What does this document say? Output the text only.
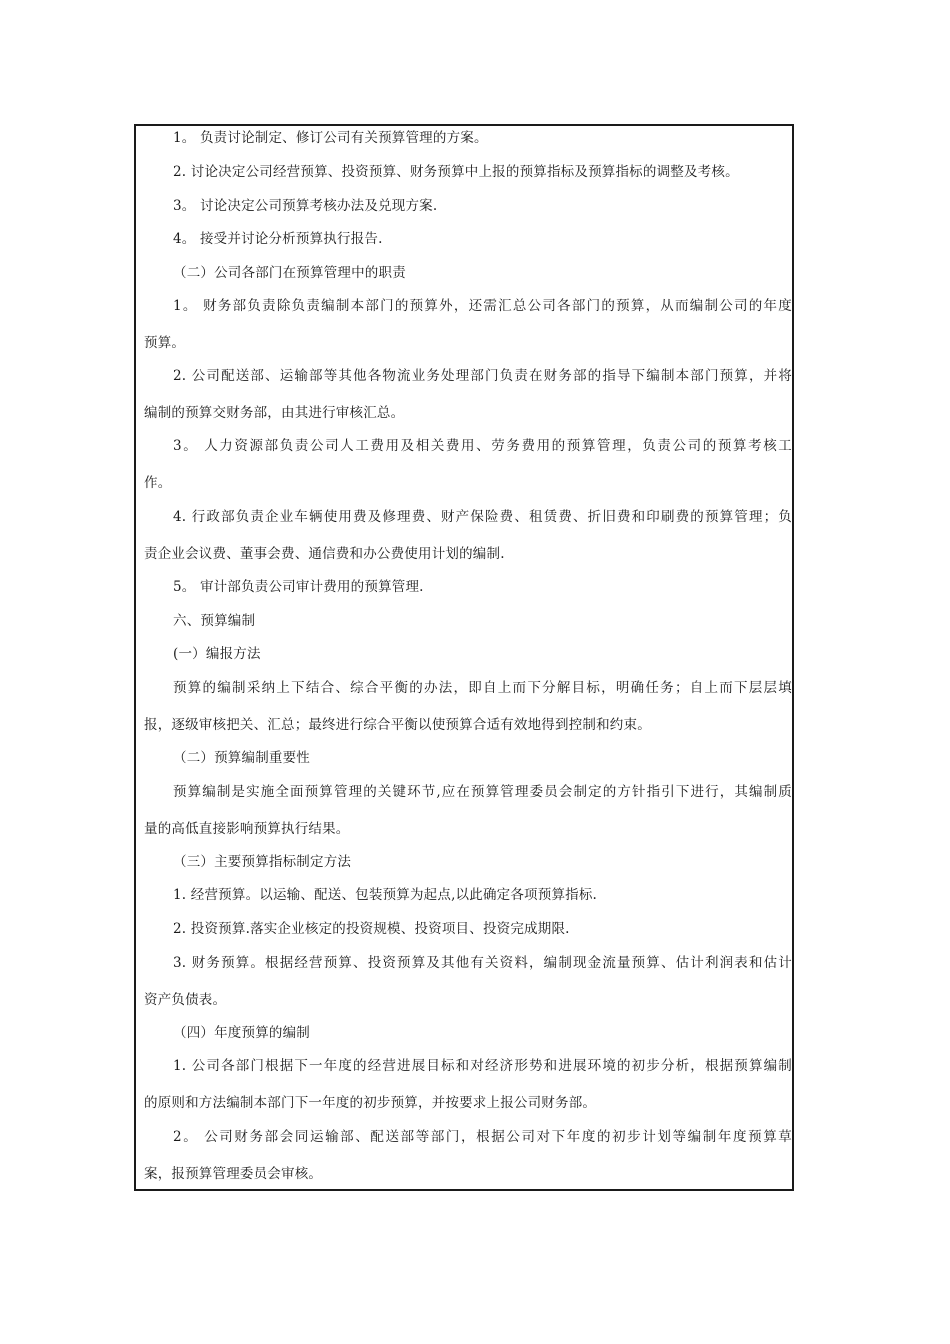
1。 负责讨论制定、修订公司有关预算管理的方案。
2. 讨论决定公司经营预算、投资预算、财务预算中上报的预算指标及预算指标的调整及考核。
3。 讨论决定公司预算考核办法及兑现方案.
4。 接受并讨论分析预算执行报告.
（二）公司各部门在预算管理中的职责
1。 财务部负责除负责编制本部门的预算外，还需汇总公司各部门的预算，从而编制公司的年度
预算。
2. 公司配送部、运输部等其他各物流业务处理部门负责在财务部的指导下编制本部门预算，并将
编制的预算交财务部，由其进行审核汇总。
3。 人力资源部负责公司人工费用及相关费用、劳务费用的预算管理，负责公司的预算考核工
作。
4. 行政部负责企业车辆使用费及修理费、财产保险费、租赁费、折旧费和印刷费的预算管理；负
责企业会议费、董事会费、通信费和办公费使用计划的编制.
5。 审计部负责公司审计费用的预算管理.
六、预算编制
(一）编报方法
预算的编制采纳上下结合、综合平衡的办法，即自上而下分解目标，明确任务；自上而下层层填
报，逐级审核把关、汇总；最终进行综合平衡以使预算合适有效地得到控制和约束。
（二）预算编制重要性
预算编制是实施全面预算管理的关键环节,应在预算管理委员会制定的方针指引下进行，其编制质
量的高低直接影响预算执行结果。
（三）主要预算指标制定方法
1. 经营预算。以运输、配送、包装预算为起点,以此确定各项预算指标.
2. 投资预算.落实企业核定的投资规模、投资项目、投资完成期限.
3. 财务预算。根据经营预算、投资预算及其他有关资料，编制现金流量预算、估计利润表和估计
资产负债表。
（四）年度预算的编制
1. 公司各部门根据下一年度的经营进展目标和对经济形势和进展环境的初步分析，根据预算编制
的原则和方法编制本部门下一年度的初步预算，并按要求上报公司财务部。
2。 公司财务部会同运输部、配送部等部门，根据公司对下年度的初步计划等编制年度预算草
案，报预算管理委员会审核。
